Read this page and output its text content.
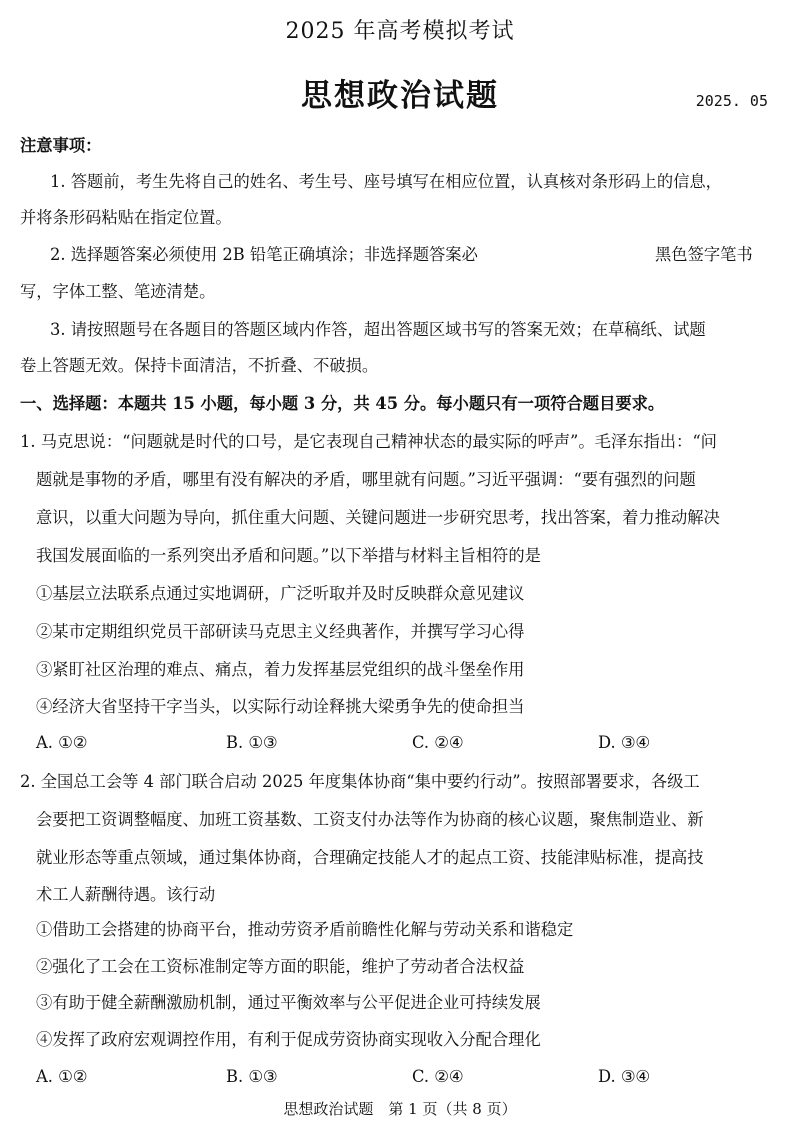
2025 年高考模拟考试
思想政治试题	2025. 05
注意事项：
1. 答题前，考生先将自己的姓名、考生号、座号填写在相应位置，认真核对条形码上的信息，
并将条形码粘贴在指定位置。
2. 选择题答案必须使用 2B 铅笔正确填涂；非选择题答案必	黑色签字笔书
写，字体工整、笔迹清楚。
3. 请按照题号在各题目的答题区域内作答，超出答题区域书写的答案无效；在草稿纸、试题
卷上答题无效。保持卡面清洁，不折叠、不破损。
一、选择题：本题共 15 小题，每小题 3 分，共 45 分。每小题只有一项符合题目要求。
1. 马克思说：“问题就是时代的口号，是它表现自己精神状态的最实际的呼声”。毛泽东指出：“问
题就是事物的矛盾，哪里有没有解决的矛盾，哪里就有问题。”习近平强调：“要有强烈的问题
意识，以重大问题为导向，抓住重大问题、关键问题进一步研究思考，找出答案，着力推动解决
我国发展面临的一系列突出矛盾和问题。”以下举措与材料主旨相符的是
①基层立法联系点通过实地调研，广泛听取并及时反映群众意见建议
②某市定期组织党员干部研读马克思主义经典著作，并撰写学习心得
③紧盯社区治理的难点、痛点，着力发挥基层党组织的战斗堡垒作用
④经济大省坚持干字当头，以实际行动诠释挑大梁勇争先的使命担当
A. ①②	B. ①③	C. ②④	D. ③④
2. 全国总工会等 4 部门联合启动 2025 年度集体协商“集中要约行动”。按照部署要求，各级工
会要把工资调整幅度、加班工资基数、工资支付办法等作为协商的核心议题，聚焦制造业、新
就业形态等重点领域，通过集体协商，合理确定技能人才的起点工资、技能津贴标准，提高技
术工人薪酬待遇。该行动
①借助工会搭建的协商平台，推动劳资矛盾前瞻性化解与劳动关系和谐稳定
②强化了工会在工资标准制定等方面的职能，维护了劳动者合法权益
③有助于健全薪酬激励机制，通过平衡效率与公平促进企业可持续发展
④发挥了政府宏观调控作用，有利于促成劳资协商实现收入分配合理化
A. ①②	B. ①③	C. ②④	D. ③④
思想政治试题　第 1 页（共 8 页）
